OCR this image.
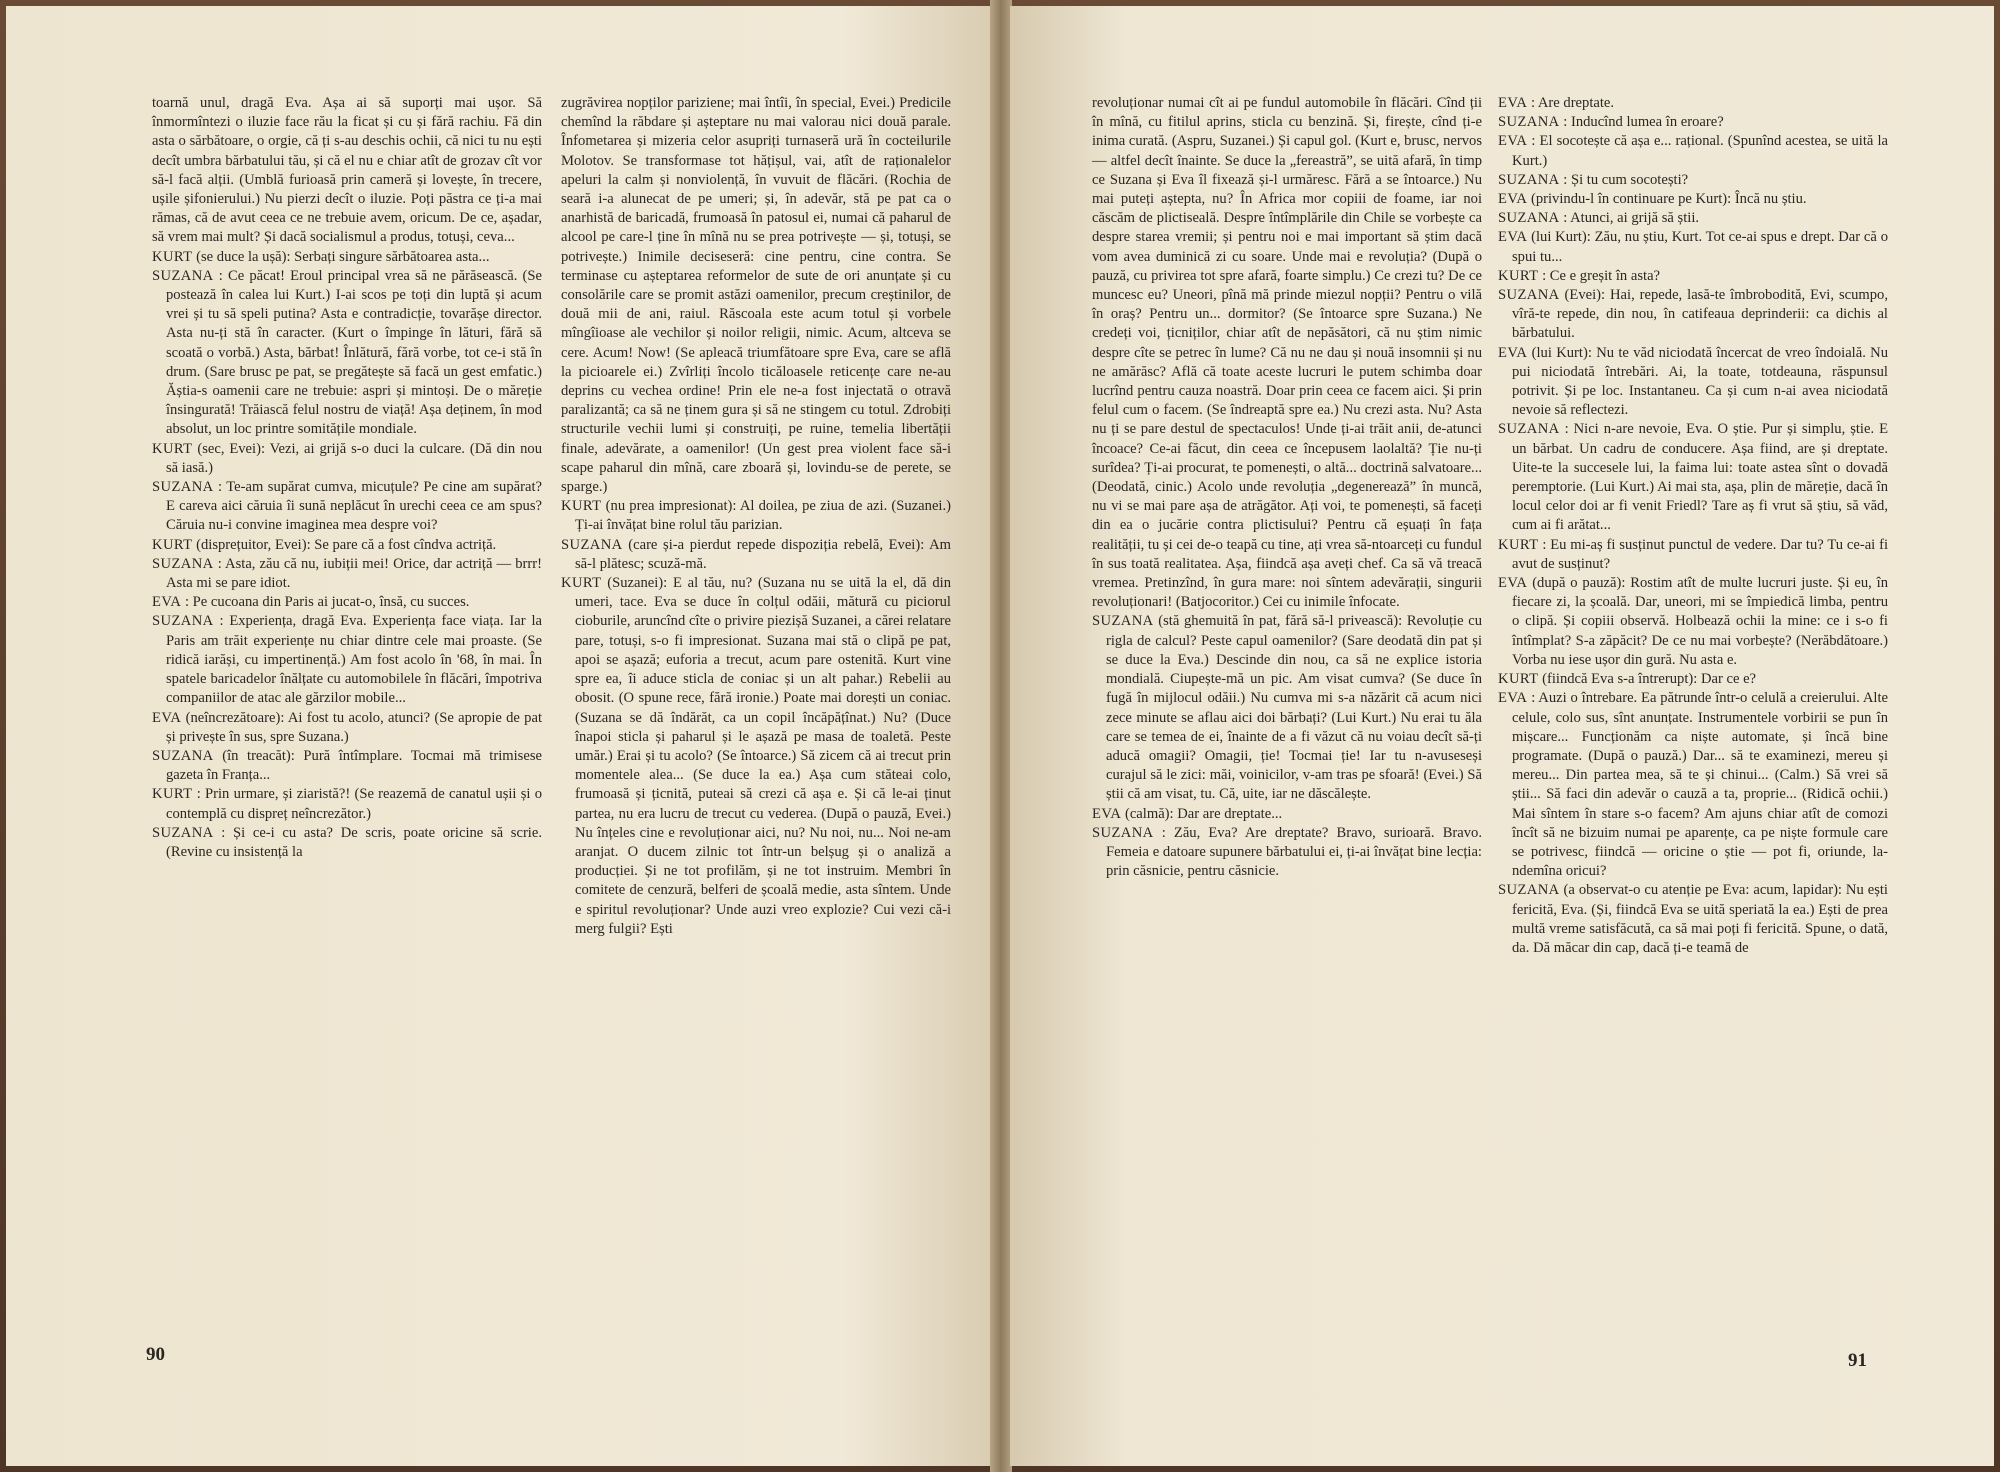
toarnă unul, dragă Eva. Așa ai să suporți mai ușor. Să înmormîntezi o iluzie face rău la ficat și cu și fără rachiu. Fă din asta o sărbătoare, o orgie, că ți s-au deschis ochii, că nici tu nu ești decît umbra bărbatului tău, și că el nu e chiar atît de grozav cît vor să-l facă alții. (Umblă furioasă prin cameră și lovește, în trecere, ușile șifonierului.) Nu pierzi decît o iluzie. Poți păstra ce ți-a mai rămas, că de avut ceea ce ne trebuie avem, oricum. De ce, așadar, să vrem mai mult? Și dacă socialismul a produs, totuși, ceva...

KURT (se duce la ușă): Serbați singure sărbătoarea asta...

SUZANA : Ce păcat! Eroul principal vrea să ne părăsească. (Se postează în calea lui Kurt.) I-ai scos pe toți din luptă și acum vrei și tu să speli putina? Asta e contradicție, tovarășe director. Asta nu-ți stă în caracter. (Kurt o împinge în lături, fără să scoată o vorbă.) Asta, bărbat! Înlătură, fără vorbe, tot ce-i stă în drum. (Sare brusc pe pat, se pregătește să facă un gest emfatic.) Ăștia-s oamenii care ne trebuie: aspri și mintoși. De o măreție însingurată! Trăiască felul nostru de viață! Așa deținem, în mod absolut, un loc printre somitățile mondiale.

KURT (sec, Evei): Vezi, ai grijă s-o duci la culcare. (Dă din nou să iasă.)

SUZANA : Te-am supărat cumva, micuțule? Pe cine am supărat? E careva aici căruia îi sună neplăcut în urechi ceea ce am spus? Căruia nu-i convine imaginea mea despre voi?

KURT (disprețuitor, Evei): Se pare că a fost cîndva actriță.

SUZANA : Asta, zău că nu, iubiții mei! Orice, dar actriță — brrr! Asta mi se pare idiot.

EVA : Pe cucoana din Paris ai jucat-o, însă, cu succes.

SUZANA : Experiența, dragă Eva. Experiența face viața. Iar la Paris am trăit experiențe nu chiar dintre cele mai proaste. (Se ridică iarăși, cu impertinență.) Am fost acolo în '68, în mai. În spatele baricadelor înălțate cu automobilele în flăcări, împotriva companiilor de atac ale gărzilor mobile...

EVA (neîncrezătoare): Ai fost tu acolo, atunci? (Se apropie de pat și privește în sus, spre Suzana.)

SUZANA (în treacăt): Pură întîmplare. Tocmai mă trimisese gazeta în Franța...

KURT : Prin urmare, și ziaristă?! (Se reazemă de canatul ușii și o contemplă cu dispreț neîncrezător.)

SUZANA : Și ce-i cu asta? De scris, poate oricine să scrie. (Revine cu insistență la

zugrăvirea nopților pariziene; mai întîi, în special, Evei.) Predicile chemînd la răbdare și așteptare nu mai valorau nici două parale. Înfometarea și mizeria celor asupriți turnaseră ură în cocteilurile Molotov. Se transformase tot hățișul, vai, atît de raționalelor apeluri la calm și nonviolență, în vuvuit de flăcări. (Rochia de seară i-a alunecat de pe umeri; și, în adevăr, stă pe pat ca o anarhistă de baricadă, frumoasă în patosul ei, numai că paharul de alcool pe care-l ține în mînă nu se prea potrivește — și, totuși, se potrivește.) Inimile deciseseră: cine pentru, cine contra. Se terminase cu așteptarea reformelor de sute de ori anunțate și cu consolările care se promit astăzi oamenilor, precum creștinilor, de două mii de ani, raiul. Răscoala este acum totul și vorbele mîngîioase ale vechilor și noilor religii, nimic. Acum, altceva se cere. Acum! Now! (Se apleacă triumfătoare spre Eva, care se află la picioarele ei.) Zvîrliți încolo ticăloasele reticențe care ne-au deprins cu vechea ordine! Prin ele ne-a fost injectată o otravă paralizantă; ca să ne ținem gura și să ne stingem cu totul. Zdrobiți structurile vechii lumi și construiți, pe ruine, temelia libertății finale, adevărate, a oamenilor! (Un gest prea violent face să-i scape paharul din mînă, care zboară și, lovindu-se de perete, se sparge.)

KURT (nu prea impresionat): Al doilea, pe ziua de azi. (Suzanei.) Ți-ai învățat bine rolul tău parizian.

SUZANA (care și-a pierdut repede dispoziția rebelă, Evei): Am să-l plătesc; scuză-mă.

KURT (Suzanei): E al tău, nu? (Suzana nu se uită la el, dă din umeri, tace. Eva se duce în colțul odăii, mătură cu piciorul cioburile, aruncînd cîte o privire piezișă Suzanei, a cărei relatare pare, totuși, s-o fi impresionat. Suzana mai stă o clipă pe pat, apoi se așază; euforia a trecut, acum pare ostenită. Kurt vine spre ea, îi aduce sticla de coniac și un alt pahar.) Rebelii au obosit. (O spune rece, fără ironie.) Poate mai dorești un coniac. (Suzana se dă îndărăt, ca un copil încăpățînat.) Nu? (Duce înapoi sticla și paharul și le așază pe masa de toaletă. Peste umăr.) Erai și tu acolo? (Se întoarce.) Să zicem că ai trecut prin momentele alea... (Se duce la ea.) Așa cum stăteai colo, frumoasă și țicnită, puteai să crezi că așa e. Și că le-ai ținut partea, nu era lucru de trecut cu vederea. (După o pauză, Evei.) Nu înțeles cine e revoluționar aici, nu? Nu noi, nu... Noi ne-am aranjat. O ducem zilnic tot într-un belșug și o analiză a producției. Și ne tot profilăm, și ne tot instruim. Membri în comitete de cenzură, belferi de școală medie, asta sîntem. Unde e spiritul revoluționar? Unde auzi vreo explozie? Cui vezi că-i merg fulgii? Ești

90

revoluționar numai cît ai pe fundul automobile în flăcări. Cînd ții în mînă, cu fitilul aprins, sticla cu benzină. Și, firește, cînd ți-e inima curată. (Aspru, Suzanei.) Și capul gol. (Kurt e, brusc, nervos — altfel decît înainte. Se duce la „fereastră”, se uită afară, în timp ce Suzana și Eva îl fixează și-l urmăresc. Fără a se întoarce.) Nu mai puteți aștepta, nu? În Africa mor copiii de foame, iar noi căscăm de plictiseală. Despre întîmplările din Chile se vorbește ca despre starea vremii; și pentru noi e mai important să știm dacă vom avea duminică zi cu soare. Unde mai e revoluția? (După o pauză, cu privirea tot spre afară, foarte simplu.) Ce crezi tu? De ce muncesc eu? Uneori, pînă mă prinde miezul nopții? Pentru o vilă în oraș? Pentru un... dormitor? (Se întoarce spre Suzana.) Ne credeți voi, țicniților, chiar atît de nepăsători, că nu știm nimic despre cîte se petrec în lume? Că nu ne dau și nouă insomnii și nu ne amărăsc? Află că toate aceste lucruri le putem schimba doar lucrînd pentru cauza noastră. Doar prin ceea ce facem aici. Și prin felul cum o facem. (Se îndreaptă spre ea.) Nu crezi asta. Nu? Asta nu ți se pare destul de spectaculos! Unde ți-ai trăit anii, de-atunci încoace? Ce-ai făcut, din ceea ce începusem laolaltă? Ție nu-ți surîdea? Ți-ai procurat, te pomenești, o altă... doctrină salvatoare... (Deodată, cinic.) Acolo unde revoluția „degenerează” în muncă, nu vi se mai pare așa de atrăgător. Ați voi, te pomenești, să faceți din ea o jucărie contra plictisului? Pentru că eșuați în fața realității, tu și cei de-o teapă cu tine, ați vrea să-ntoarceți cu fundul în sus toată realitatea. Așa, fiindcă așa aveți chef. Ca să vă treacă vremea. Pretinzînd, în gura mare: noi sîntem adevărații, singurii revoluționari! (Batjocoritor.) Cei cu inimile înfocate.

SUZANA (stă ghemuită în pat, fără să-l privească): Revoluție cu rigla de calcul? Peste capul oamenilor? (Sare deodată din pat și se duce la Eva.) Descinde din nou, ca să ne explice istoria mondială. Ciupește-mă un pic. Am visat cumva? (Se duce în fugă în mijlocul odăii.) Nu cumva mi s-a năzărit că acum nici zece minute se aflau aici doi bărbați? (Lui Kurt.) Nu erai tu ăla care se temea de ei, înainte de a fi văzut că nu voiau decît să-ți aducă omagii? Omagii, ție! Tocmai ție! Iar tu n-avuseseși curajul să le zici: măi, voinicilor, v-am tras pe sfoară! (Evei.) Să știi că am visat, tu. Că, uite, iar ne dăscălește.

EVA (calmă): Dar are dreptate...

SUZANA : Zău, Eva? Are dreptate? Bravo, surioară. Bravo. Femeia e datoare supunere bărbatului ei, ți-ai învățat bine lecția: prin căsnicie, pentru căsnicie.

EVA : Are dreptate.

SUZANA : Inducînd lumea în eroare?

EVA : El socotește că așa e... rațional. (Spunînd acestea, se uită la Kurt.)

SUZANA : Și tu cum socotești?

EVA (privindu-l în continuare pe Kurt): Încă nu știu.

SUZANA : Atunci, ai grijă să știi.

EVA (lui Kurt): Zău, nu știu, Kurt. Tot ce-ai spus e drept. Dar că o spui tu...

KURT : Ce e greșit în asta?

SUZANA (Evei): Hai, repede, lasă-te îmbrobodită, Evi, scumpo, vîră-te repede, din nou, în catifeaua deprinderii: ca dichis al bărbatului.

EVA (lui Kurt): Nu te văd niciodată încercat de vreo îndoială. Nu pui niciodată întrebări. Ai, la toate, totdeauna, răspunsul potrivit. Și pe loc. Instantaneu. Ca și cum n-ai avea niciodată nevoie să reflectezi.

SUZANA : Nici n-are nevoie, Eva. O știe. Pur și simplu, știe. E un bărbat. Un cadru de conducere. Așa fiind, are și dreptate. Uite-te la succesele lui, la faima lui: toate astea sînt o dovadă peremptorie. (Lui Kurt.) Ai mai sta, așa, plin de măreție, dacă în locul celor doi ar fi venit Friedl? Tare aș fi vrut să știu, să văd, cum ai fi arătat...

KURT : Eu mi-aș fi susținut punctul de vedere. Dar tu? Tu ce-ai fi avut de susținut?

EVA (după o pauză): Rostim atît de multe lucruri juste. Și eu, în fiecare zi, la școală. Dar, uneori, mi se împiedică limba, pentru o clipă. Și copiii observă. Holbează ochii la mine: ce i s-o fi întîmplat? S-a zăpăcit? De ce nu mai vorbește? (Nerăbdătoare.) Vorba nu iese ușor din gură. Nu asta e.

KURT (fiindcă Eva s-a întrerupt): Dar ce e?

EVA : Auzi o întrebare. Ea pătrunde într-o celulă a creierului. Alte celule, colo sus, sînt anunțate. Instrumentele vorbirii se pun în mișcare... Funcționăm ca niște automate, și încă bine programate. (După o pauză.) Dar... să te examinezi, mereu și mereu... Din partea mea, să te și chinui... (Calm.) Să vrei să știi... Să faci din adevăr o cauză a ta, proprie... (Ridică ochii.) Mai sîntem în stare s-o facem? Am ajuns chiar atît de comozi încît să ne bizuim numai pe aparențe, ca pe niște formule care se potrivesc, fiindcă — oricine o știe — pot fi, oriunde, la-ndemîna oricui?

SUZANA (a observat-o cu atenție pe Eva: acum, lapidar): Nu ești fericită, Eva. (Și, fiindcă Eva se uită speriată la ea.) Ești de prea multă vreme satisfăcută, ca să mai poți fi fericită. Spune, o dată, da. Dă măcar din cap, dacă ți-e teamă de

91
